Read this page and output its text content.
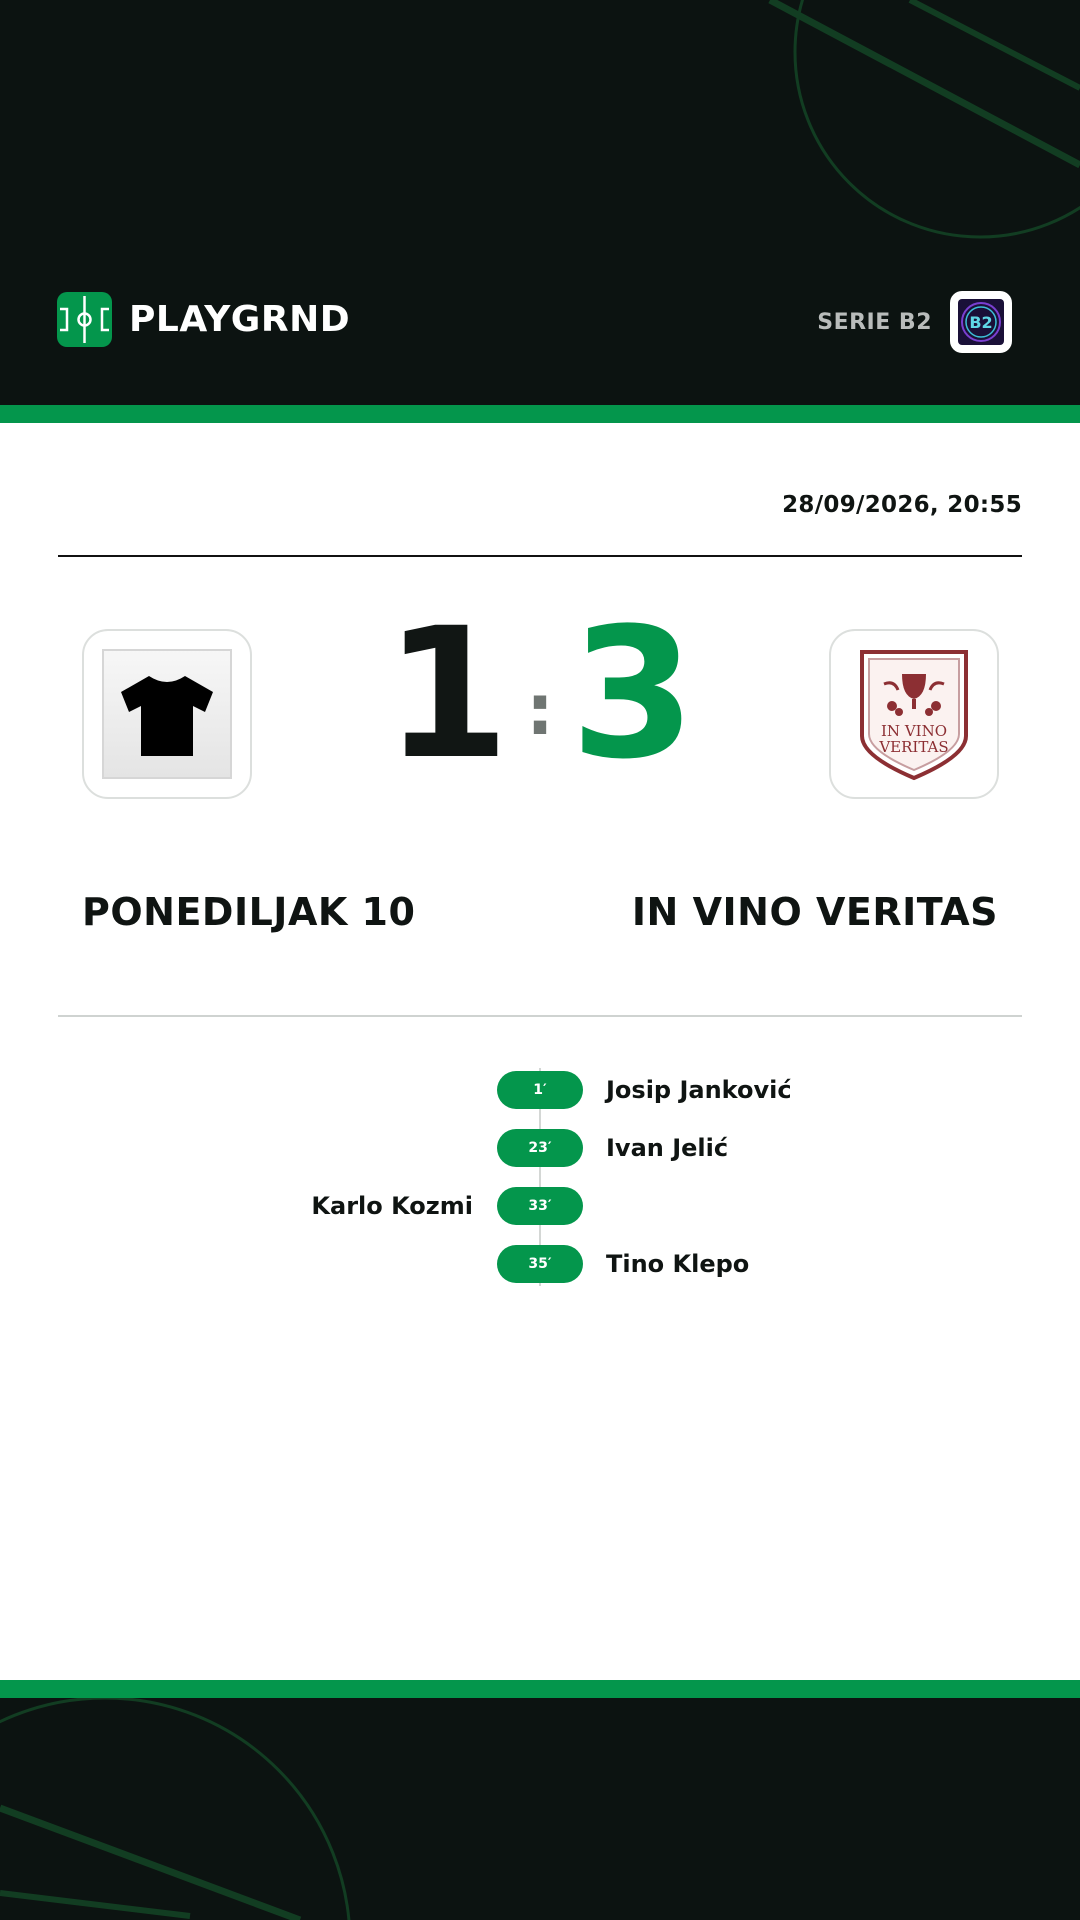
PLAYGRND	SERIE B2 B2
28/09/2026, 20:55
1 : 3	IN VINO
VERITAS
PONEDILJAK 10	IN VINO VERITAS
1′	Josip Janković
23′	Ivan Jelić
Karlo Kozmi	33′
35′	Tino Klepo
